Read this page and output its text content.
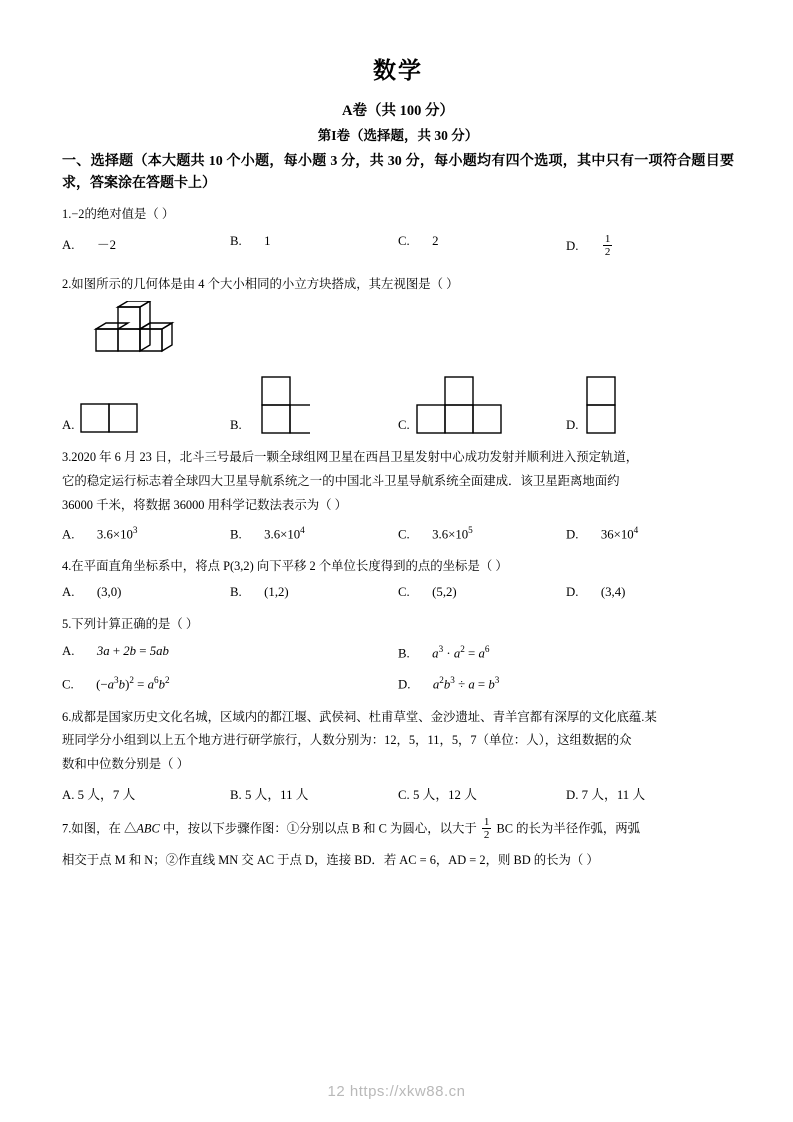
数学
A卷（共 100 分）
第I卷（选择题，共 30 分）
一、选择题（本大题共 10 个小题，每小题 3 分，共 30 分，每小题均有四个选项，其中只有一项符合题目要求，答案涂在答题卡上）
1.−2的绝对值是（ ）
A. －2	B. 1	C. 2	D. $\frac{1}{2}$
2.如图所示的几何体是由 4 个大小相同的小立方块搭成，其左视图是（ ）
A.	B.	C.	D.
3.2020 年 6 月 23 日，北斗三号最后一颗全球组网卫星在西昌卫星发射中心成功发射并顺利进入预定轨道，
它的稳定运行标志着全球四大卫星导航系统之一的中国北斗卫星导航系统全面建成．该卫星距离地面约
36000 千米，将数据 36000 用科学记数法表示为（ ）
A. $3.6\times 10^3$	B. $3.6\times 10^4$	C. $3.6\times 10^5$	D. $36\times 10^4$
4.在平面直角坐标系中，将点 P(3,2) 向下平移 2 个单位长度得到的点的坐标是（ ）
A. (3,0)	B. (1,2)	C. (5,2)	D. (3,4)
5.下列计算正确的是（ ）
A. 3a + 2b = 5ab	B. $a^3 \cdot a^2 = a^6$
C.  $(-a^3b)^2 = a^6b^2$	D. $a^2b^3 \div a = b^3$
6.成都是国家历史文化名城，区域内的都江堰、武侯祠、杜甫草堂、金沙遗址、青羊宫都有深厚的文化底蕴.某
班同学分小组到以上五个地方进行研学旅行，人数分别为：12，5，11，5，7（单位：人），这组数据的众
数和中位数分别是（ ）
A. 5 人，7 人	B. 5 人，11 人	C. 5 人，12 人	D. 7 人，11 人
7.如图，在 △ABC 中，按以下步骤作图：①分别以点 B 和 C 为圆心，以大于 $\frac{1}{2}$ BC 的长为半径作弧，两弧
相交于点 M 和 N；②作直线 MN 交 AC 于点 D，连接 BD．若 AC = 6，AD = 2，则 BD 的长为（ ）
12 https://xkw88.cn
